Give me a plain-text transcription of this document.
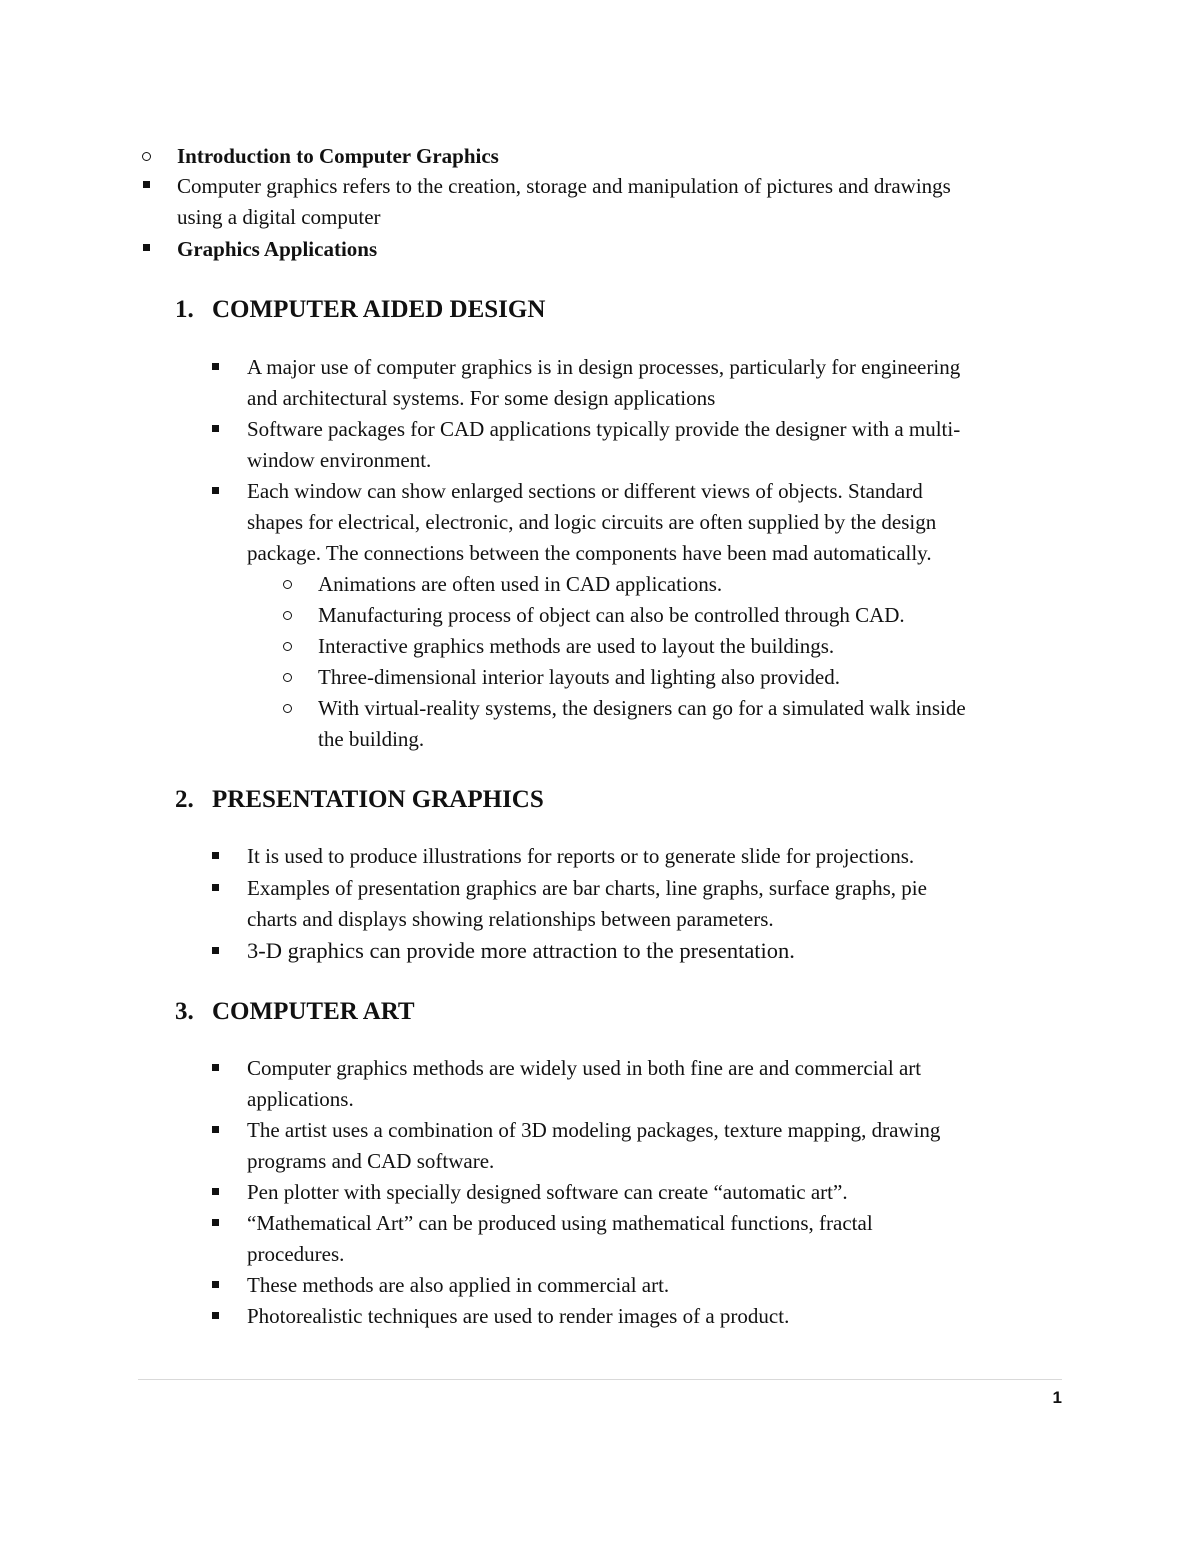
Introduction to Computer Graphics
Computer graphics refers to the creation, storage and manipulation of pictures and drawings
using a digital computer
Graphics Applications
1. COMPUTER AIDED DESIGN
A major use of computer graphics is in design processes, particularly for engineering
and architectural systems. For some design applications
Software packages for CAD applications typically provide the designer with a multi-
window environment.
Each window can show enlarged sections or different views of objects. Standard
shapes for electrical, electronic, and logic circuits are often supplied by the design
package. The connections between the components have been mad automatically.
Animations are often used in CAD applications.
Manufacturing process of object can also be controlled through CAD.
Interactive graphics methods are used to layout the buildings.
Three-dimensional interior layouts and lighting also provided.
With virtual-reality systems, the designers can go for a simulated walk inside
the building.
2. PRESENTATION GRAPHICS
It is used to produce illustrations for reports or to generate slide for projections.
Examples of presentation graphics are bar charts, line graphs, surface graphs, pie
charts and displays showing relationships between parameters.
3-D graphics can provide more attraction to the presentation.
3. COMPUTER ART
Computer graphics methods are widely used in both fine are and commercial art
applications.
The artist uses a combination of 3D modeling packages, texture mapping, drawing
programs and CAD software.
Pen plotter with specially designed software can create “automatic art”.
“Mathematical Art” can be produced using mathematical functions, fractal
procedures.
These methods are also applied in commercial art.
Photorealistic techniques are used to render images of a product.
1
